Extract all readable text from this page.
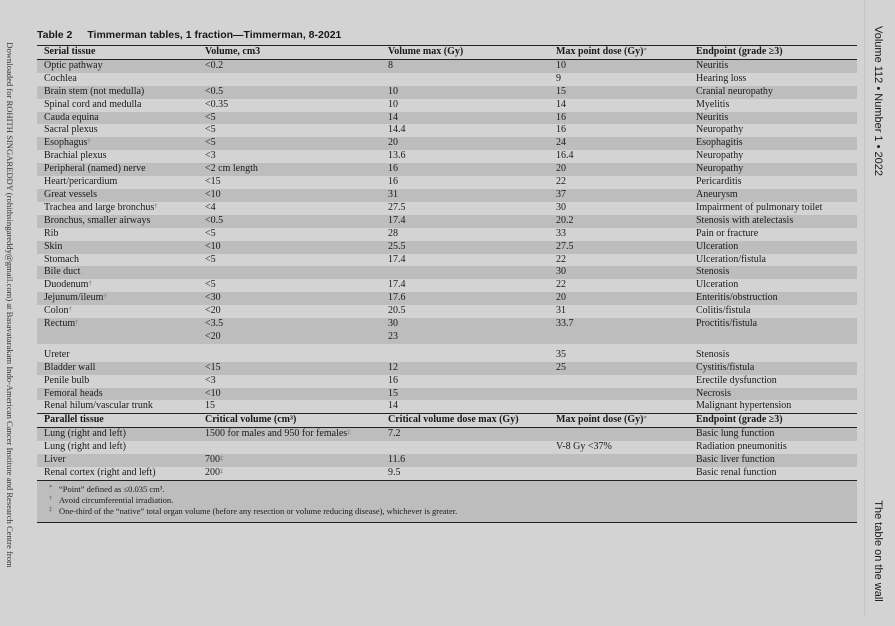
Downloaded for ROHITH SINGAREDDY (rohithsingareddy@gmail.com) at Basavatarakam Indo-American Cancer Institute and Research Centre from	Volume 112 • Number 1 • 2022
The table on the wall
Table 2 Timmerman tables, 1 fraction—Timmerman, 8-2021
Serial tissue	Volume, cm3	Volume max (Gy)	Max point dose (Gy)*	Endpoint (grade ≥3)
Optic pathway	<0.2	8	10	Neuritis
Cochlea			9	Hearing loss
Brain stem (not medulla)	<0.5	10	15	Cranial neuropathy
Spinal cord and medulla	<0.35	10	14	Myelitis
Cauda equina	<5	14	16	Neuritis
Sacral plexus	<5	14.4	16	Neuropathy
Esophagus†	<5	20	24	Esophagitis
Brachial plexus	<3	13.6	16.4	Neuropathy
Peripheral (named) nerve	<2 cm length	16	20	Neuropathy
Heart/pericardium	<15	16	22	Pericarditis
Great vessels	<10	31	37	Aneurysm
Trachea and large bronchus†	<4	27.5	30	Impairment of pulmonary toilet
Bronchus, smaller airways	<0.5	17.4	20.2	Stenosis with atelectasis
Rib	<5	28	33	Pain or fracture
Skin	<10	25.5	27.5	Ulceration
Stomach	<5	17.4	22	Ulceration/fistula
Bile duct			30	Stenosis
Duodenum†	<5	17.4	22	Ulceration
Jejunum/ileum†	<30	17.6	20	Enteritis/obstruction
Colon†	<20	20.5	31	Colitis/fistula
Rectum†	<3.5	30	33.7	Proctitis/fistula
	<20	23		

Ureter			35	Stenosis
Bladder wall	<15	12	25	Cystitis/fistula
Penile bulb	<3	16		Erectile dysfunction
Femoral heads	<10	15		Necrosis
Renal hilum/vascular trunk	15	14		Malignant hypertension
Parallel tissue	Critical volume (cm³)	Critical volume dose max (Gy)	Max point dose (Gy)*	Endpoint (grade ≥3)
Lung (right and left)	1500 for males and 950 for females‡	7.2		Basic lung function
Lung (right and left)			V-8 Gy <37%	Radiation pneumonitis
Liver	700‡	11.6		Basic liver function
Renal cortex (right and left)	200‡	9.5		Basic renal function
* “Point” defined as ≤0.035 cm³.
† Avoid circumferential irradiation.
‡ One-third of the “native” total organ volume (before any resection or volume reducing disease), whichever is greater.
